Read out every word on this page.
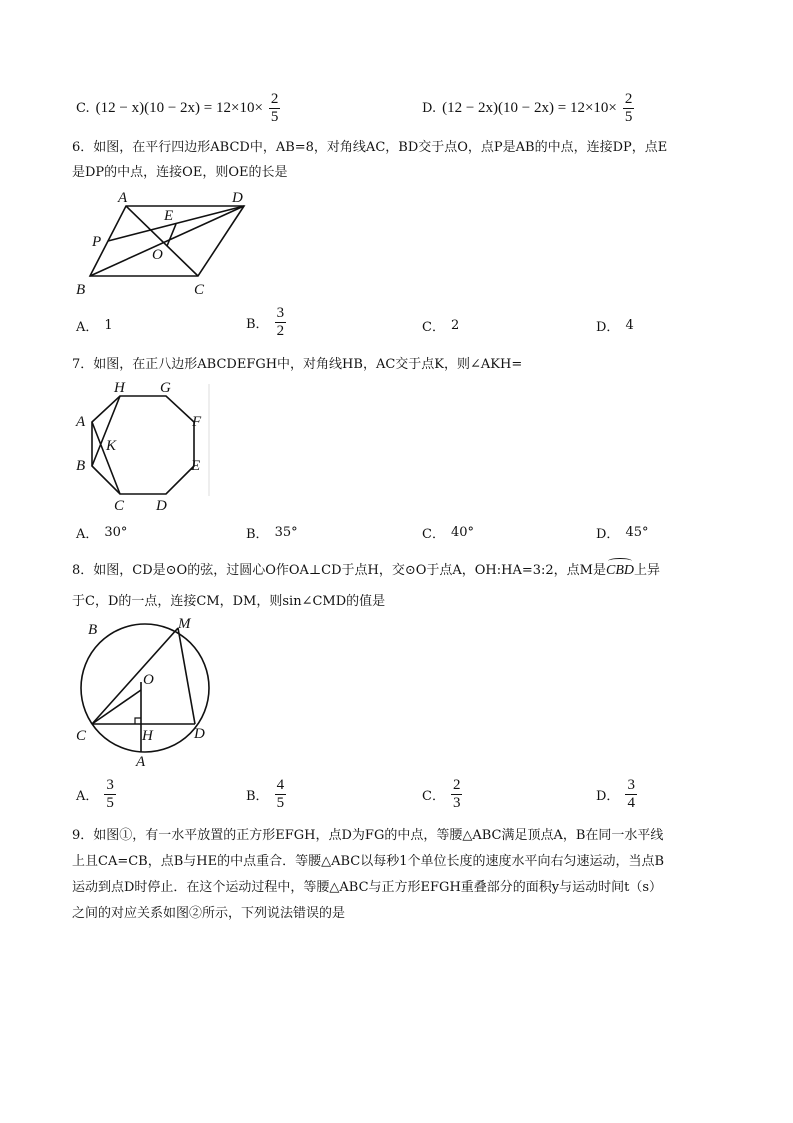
C. $(12 - x)(10 - 2x) = 12\times 10\times \frac{2}{5}$	D. $(12 - 2x)(10 - 2x) = 12\times 10\times \frac{2}{5}$
6．如图，在平行四边形ABCD中，AB=8，对角线AC，BD交于点O，点P是AB的中点，连接DP，点E
是DP的中点，连接OE，则OE的长是
A	D
B	C
P
E
O
A． 1	B． $\frac{3}{2}$	C． 2	D． 4
7．如图，在正八边形ABCDEFGH中，对角线HB，AC交于点K，则∠AKH=
H G
F
E
D
C
B
A
K
A． 30°	B． 35°	C． 40°	D． 45°
8．如图，CD是⊙O的弦，过圆心O作OA⊥CD于点H，交⊙O于点A，OH:HA=3:2，点M是
CBD上异
于C，D的一点，连接CM，DM，则sin∠CMD的值是
B	M
O
C	D
H
A
A． $\frac{3}{5}$	B． $\frac{4}{5}$	C． $\frac{2}{3}$	D． $\frac{3}{4}$
9．如图①，有一水平放置的正方形EFGH，点D为FG的中点，等腰△ABC满足顶点A，B在同一水平线
上且CA=CB，点B与HE的中点重合．等腰△ABC以每秒1个单位长度的速度水平向右匀速运动，当点B
运动到点D时停止．在这个运动过程中，等腰△ABC与正方形EFGH重叠部分的面积y与运动时间t（s）
之间的对应关系如图②所示，下列说法错误的是
